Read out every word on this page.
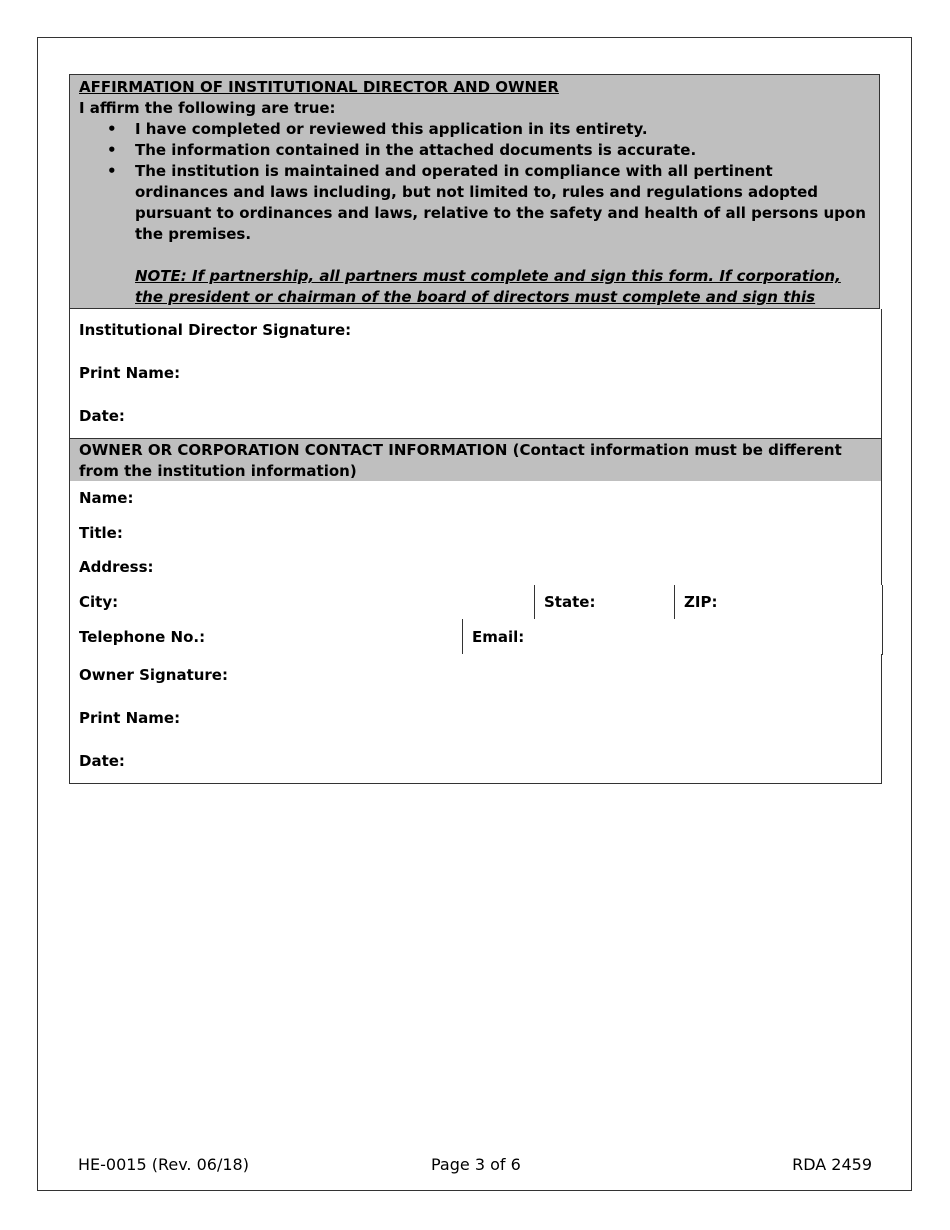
AFFIRMATION OF INSTITUTIONAL DIRECTOR AND OWNER
I affirm the following are true:
• I have completed or reviewed this application in its entirety.
• The information contained in the attached documents is accurate.
• The institution is maintained and operated in compliance with all pertinent ordinances and laws including, but not limited to, rules and regulations adopted pursuant to ordinances and laws, relative to the safety and health of all persons upon the premises.
NOTE: If partnership, all partners must complete and sign this form. If corporation, the president or chairman of the board of directors must complete and sign this
Institutional Director Signature:
Print Name:
Date:
OWNER OR CORPORATION CONTACT INFORMATION (Contact information must be different from the institution information)
Name:
Title:
Address:
City:	State:	ZIP:
Telephone No.:	Email:
Owner Signature:
Print Name:
Date:
HE-0015 (Rev. 06/18)	Page 3 of 6	RDA 2459
